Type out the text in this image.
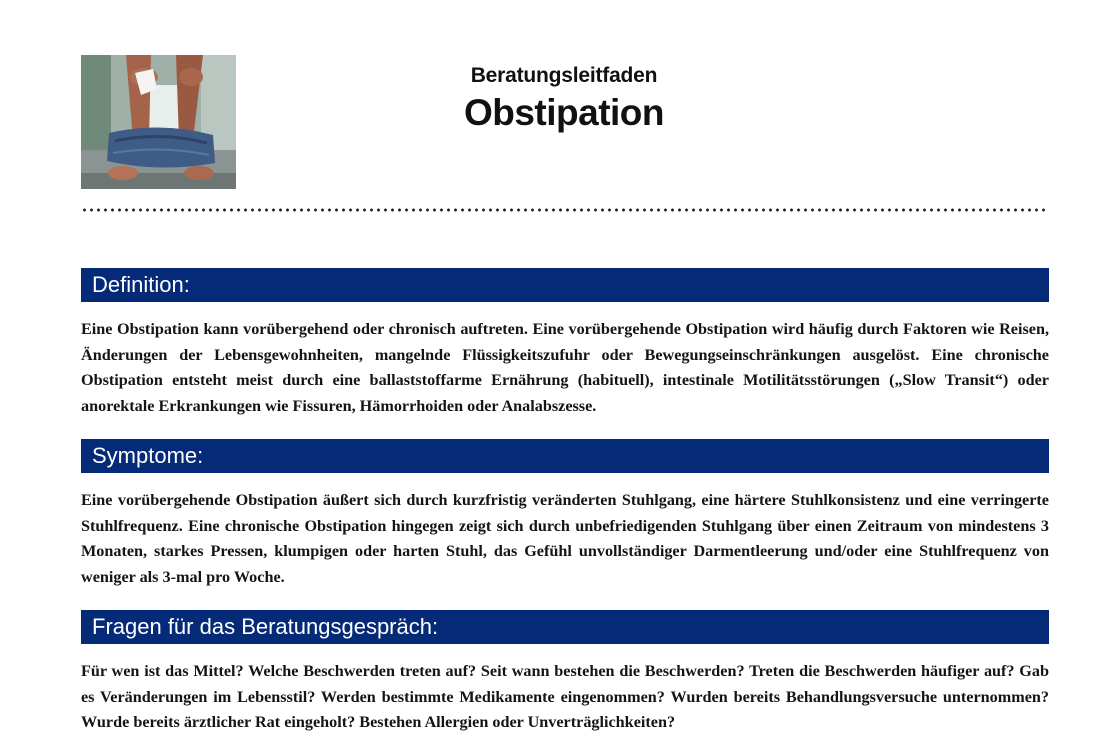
Beratungsleitfaden
Obstipation
Definition:

Eine Obstipation kann vorübergehend oder chronisch auftreten. Eine vorübergehende Obstipation wird häufig durch Faktoren wie Reisen, Änderungen der Lebensgewohnheiten, mangelnde Flüssigkeitszufuhr oder Bewegungseinschränkungen ausgelöst. Eine chronische Obstipation entsteht meist durch eine ballaststoffarme Ernährung (habituell), intestinale Motilitätsstörungen („Slow Transit“) oder anorektale Erkrankungen wie Fissuren, Hämorrhoiden oder Analabszesse.

Symptome:

Eine vorübergehende Obstipation äußert sich durch kurzfristig veränderten Stuhlgang, eine härtere Stuhlkonsistenz und eine verringerte Stuhlfrequenz. Eine chronische Obstipation hingegen zeigt sich durch unbefriedigenden Stuhlgang über einen Zeitraum von mindestens 3 Monaten, starkes Pressen, klumpigen oder harten Stuhl, das Gefühl unvollständiger Darmentleerung und/oder eine Stuhlfrequenz von weniger als 3-mal pro Woche.

Fragen für das Beratungsgespräch:

Für wen ist das Mittel? Welche Beschwerden treten auf? Seit wann bestehen die Beschwerden? Treten die Beschwerden häufiger auf? Gab es Veränderungen im Lebensstil? Werden bestimmte Medikamente eingenommen? Wurden bereits Behandlungsversuche unternommen? Wurde bereits ärztlicher Rat eingeholt? Bestehen Allergien oder Unverträglichkeiten?
